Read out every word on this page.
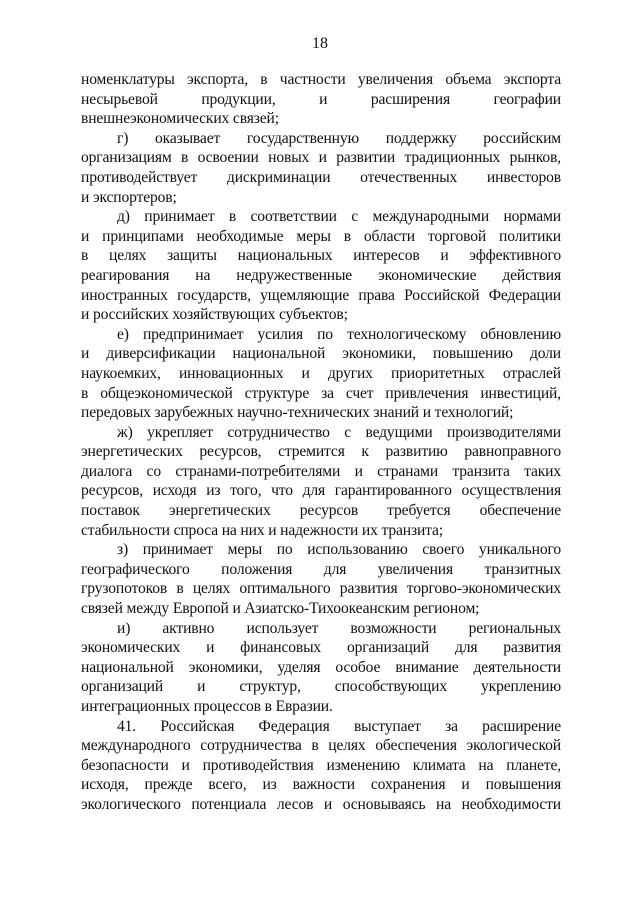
18
номенклатуры экспорта, в частности увеличения объема экспорта
несырьевой продукции, и расширения географии
внешнеэкономических связей;
г) оказывает государственную поддержку российским
организациям в освоении новых и развитии традиционных рынков,
противодействует дискриминации отечественных инвесторов
и экспортеров;
д) принимает в соответствии с международными нормами
и принципами необходимые меры в области торговой политики
в целях защиты национальных интересов и эффективного
реагирования на недружественные экономические действия
иностранных государств, ущемляющие права Российской Федерации
и российских хозяйствующих субъектов;
е) предпринимает усилия по технологическому обновлению
и диверсификации национальной экономики, повышению доли
наукоемких, инновационных и других приоритетных отраслей
в общеэкономической структуре за счет привлечения инвестиций,
передовых зарубежных научно-технических знаний и технологий;
ж) укрепляет сотрудничество с ведущими производителями
энергетических ресурсов, стремится к развитию равноправного
диалога со странами-потребителями и странами транзита таких
ресурсов, исходя из того, что для гарантированного осуществления
поставок энергетических ресурсов требуется обеспечение
стабильности спроса на них и надежности их транзита;
з) принимает меры по использованию своего уникального
географического положения для увеличения транзитных
грузопотоков в целях оптимального развития торгово-экономических
связей между Европой и Азиатско-Тихоокеанским регионом;
и) активно использует возможности региональных
экономических и финансовых организаций для развития
национальной экономики, уделяя особое внимание деятельности
организаций и структур, способствующих укреплению
интеграционных процессов в Евразии.
41. Российская Федерация выступает за расширение
международного сотрудничества в целях обеспечения экологической
безопасности и противодействия изменению климата на планете,
исходя, прежде всего, из важности сохранения и повышения
экологического потенциала лесов и основываясь на необходимости
